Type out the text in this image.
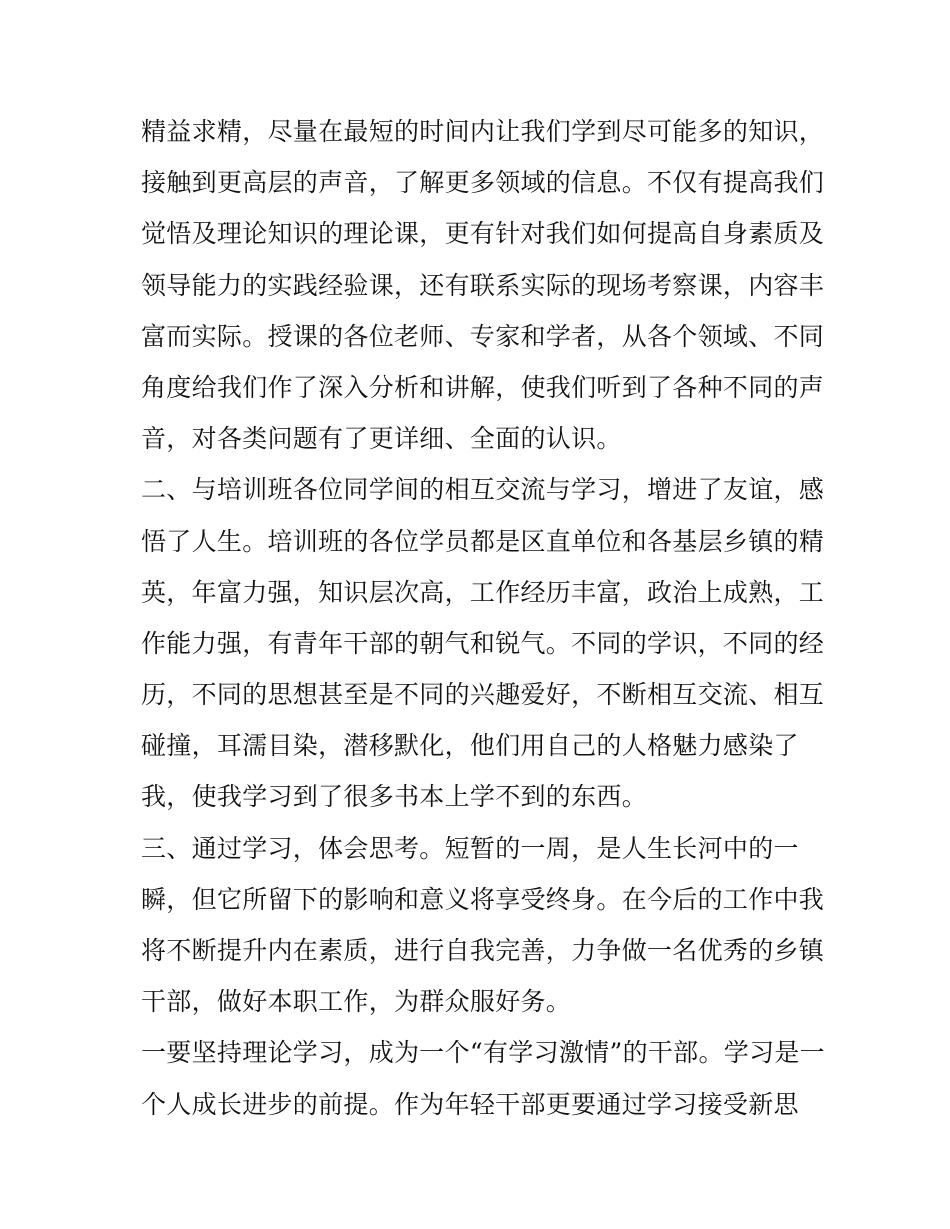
精益求精，尽量在最短的时间内让我们学到尽可能多的知识，
接触到更高层的声音，了解更多领域的信息。不仅有提高我们
觉悟及理论知识的理论课，更有针对我们如何提高自身素质及
领导能力的实践经验课，还有联系实际的现场考察课，内容丰
富而实际。授课的各位老师、专家和学者，从各个领域、不同
角度给我们作了深入分析和讲解，使我们听到了各种不同的声
音，对各类问题有了更详细、全面的认识。
二、与培训班各位同学间的相互交流与学习，增进了友谊，感
悟了人生。培训班的各位学员都是区直单位和各基层乡镇的精
英，年富力强，知识层次高，工作经历丰富，政治上成熟，工
作能力强，有青年干部的朝气和锐气。不同的学识，不同的经
历，不同的思想甚至是不同的兴趣爱好，不断相互交流、相互
碰撞，耳濡目染，潜移默化，他们用自己的人格魅力感染了
我，使我学习到了很多书本上学不到的东西。
三、通过学习，体会思考。短暂的一周，是人生长河中的一
瞬，但它所留下的影响和意义将享受终身。在今后的工作中我
将不断提升内在素质，进行自我完善，力争做一名优秀的乡镇
干部，做好本职工作，为群众服好务。
一要坚持理论学习，成为一个“有学习激情”的干部。学习是一
个人成长进步的前提。作为年轻干部更要通过学习接受新思
